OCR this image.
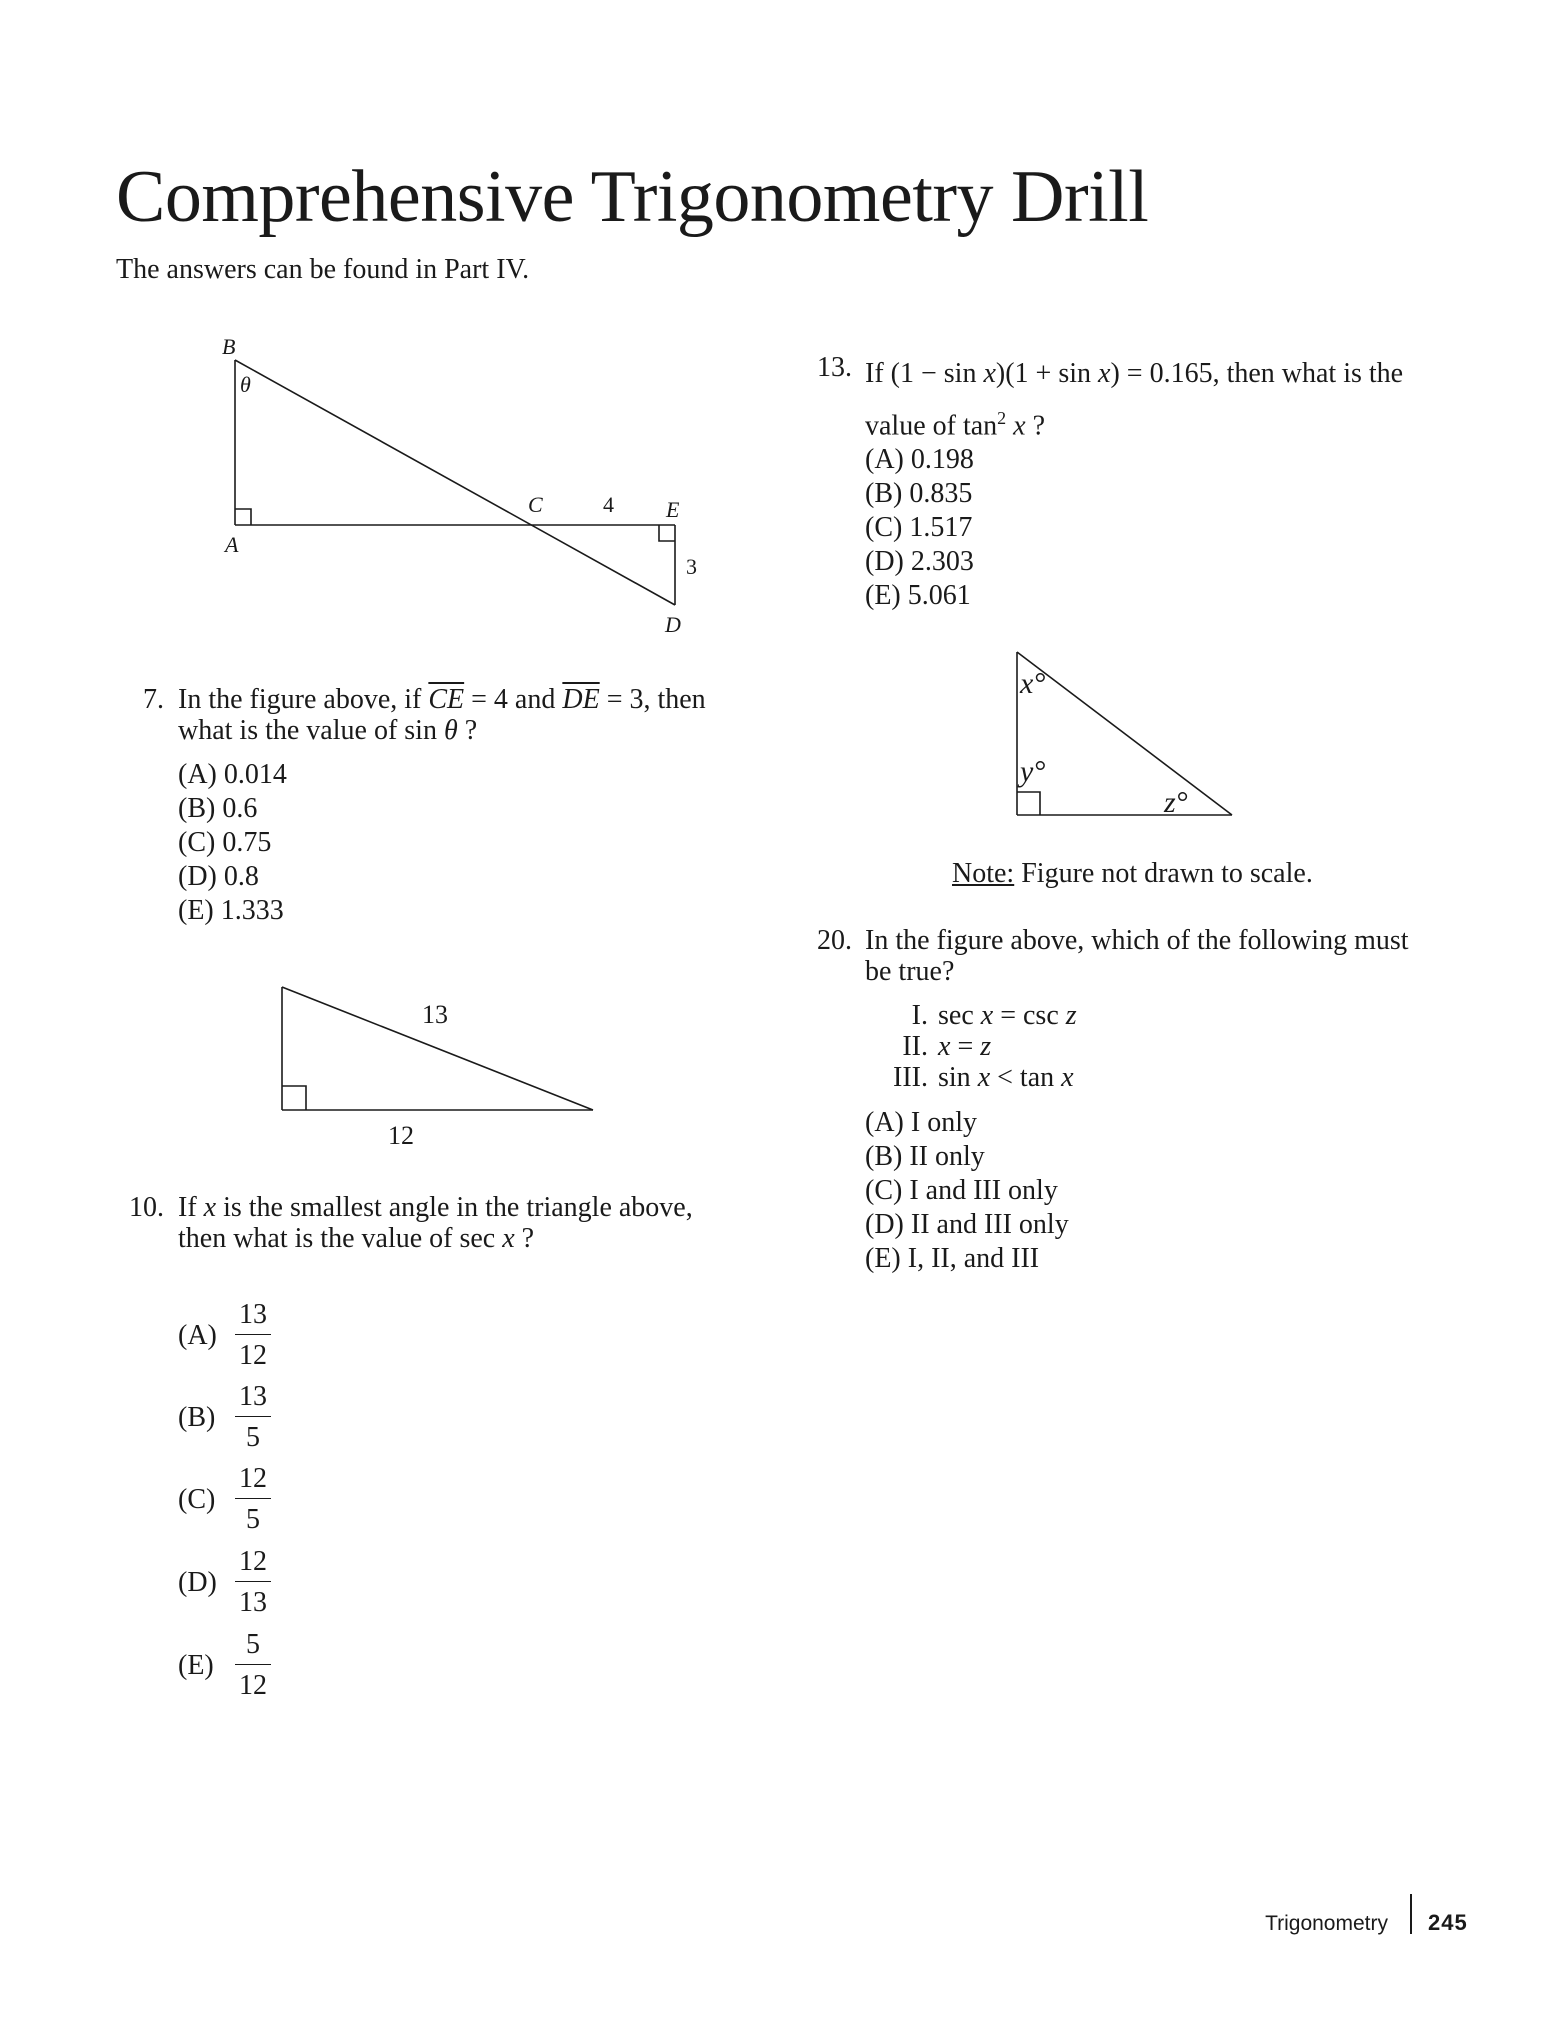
Comprehensive Trigonometry Drill
The answers can be found in Part IV.
B
θ
A
C	4 E
3
D
7. In the figure above, if $\overline{CE} = 4$ and $\overline{DE} = 3$, then
what is the value of sin θ ?
(A) 0.014
(B) 0.6
(C) 0.75
(D) 0.8
(E) 1.333
13
12
10. If x is the smallest angle in the triangle above,
then what is the value of sec x ?
(A)
13
12
(B)
13
5
(C)
12
5
(D)
12
13
(E)
5
12
13. If (1 − sin x)(1 + sin x) = 0.165, then what is the
value of $\tan^2 x$ ?
(A) 0.198
(B) 0.835
(C) 1.517
(D) 2.303
(E) 5.061
x°
y°
z°
Note: Figure not drawn to scale.
20. In the figure above, which of the following must
be true?
I. sec x = csc z
II. x = z
III. sin x < tan x
(A) I only
(B) II only
(C) I and III only
(D) II and III only
(E) I, II, and III
Trigonometry 245
